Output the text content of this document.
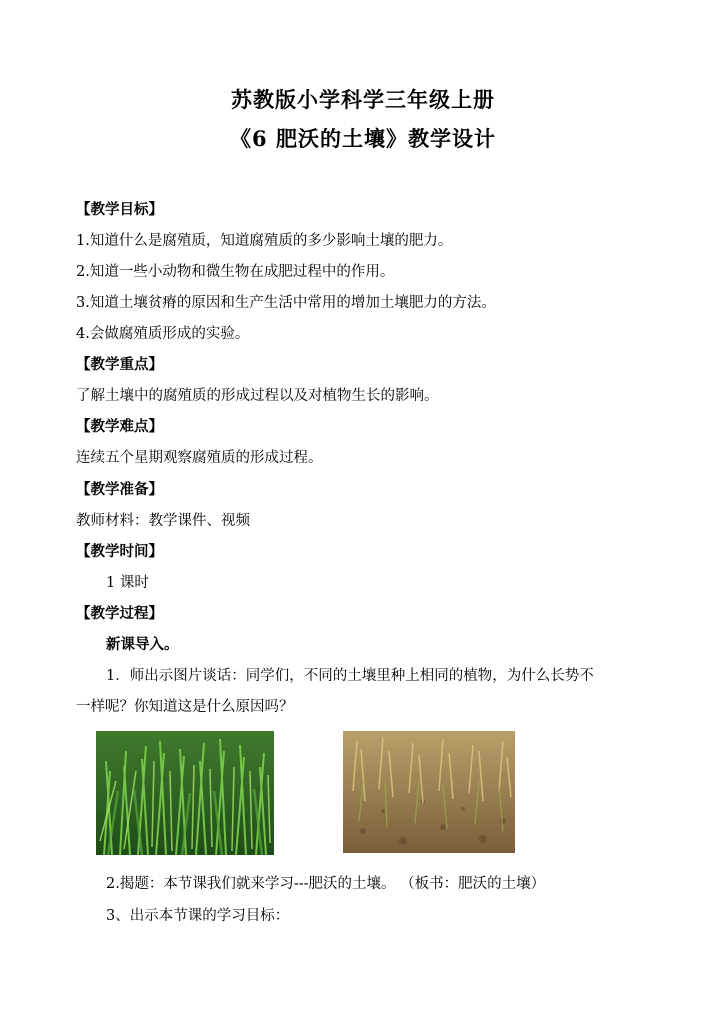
苏教版小学科学三年级上册
《6 肥沃的土壤》教学设计
【教学目标】
1.知道什么是腐殖质，知道腐殖质的多少影响土壤的肥力。
2.知道一些小动物和微生物在成肥过程中的作用。
3.知道土壤贫瘠的原因和生产生活中常用的增加土壤肥力的方法。
4.会做腐殖质形成的实验。
【教学重点】
了解土壤中的腐殖质的形成过程以及对植物生长的影响。
【教学难点】
连续五个星期观察腐殖质的形成过程。
【教学准备】
教师材料：教学课件、视频
【教学时间】
1 课时
【教学过程】
新课导入。
1．师出示图片谈话：同学们，不同的土壤里种上相同的植物，为什么长势不
一样呢？你知道这是什么原因吗？
2.揭题：本节课我们就来学习---肥沃的土壤。 （板书：肥沃的土壤）
3、出示本节课的学习目标：
